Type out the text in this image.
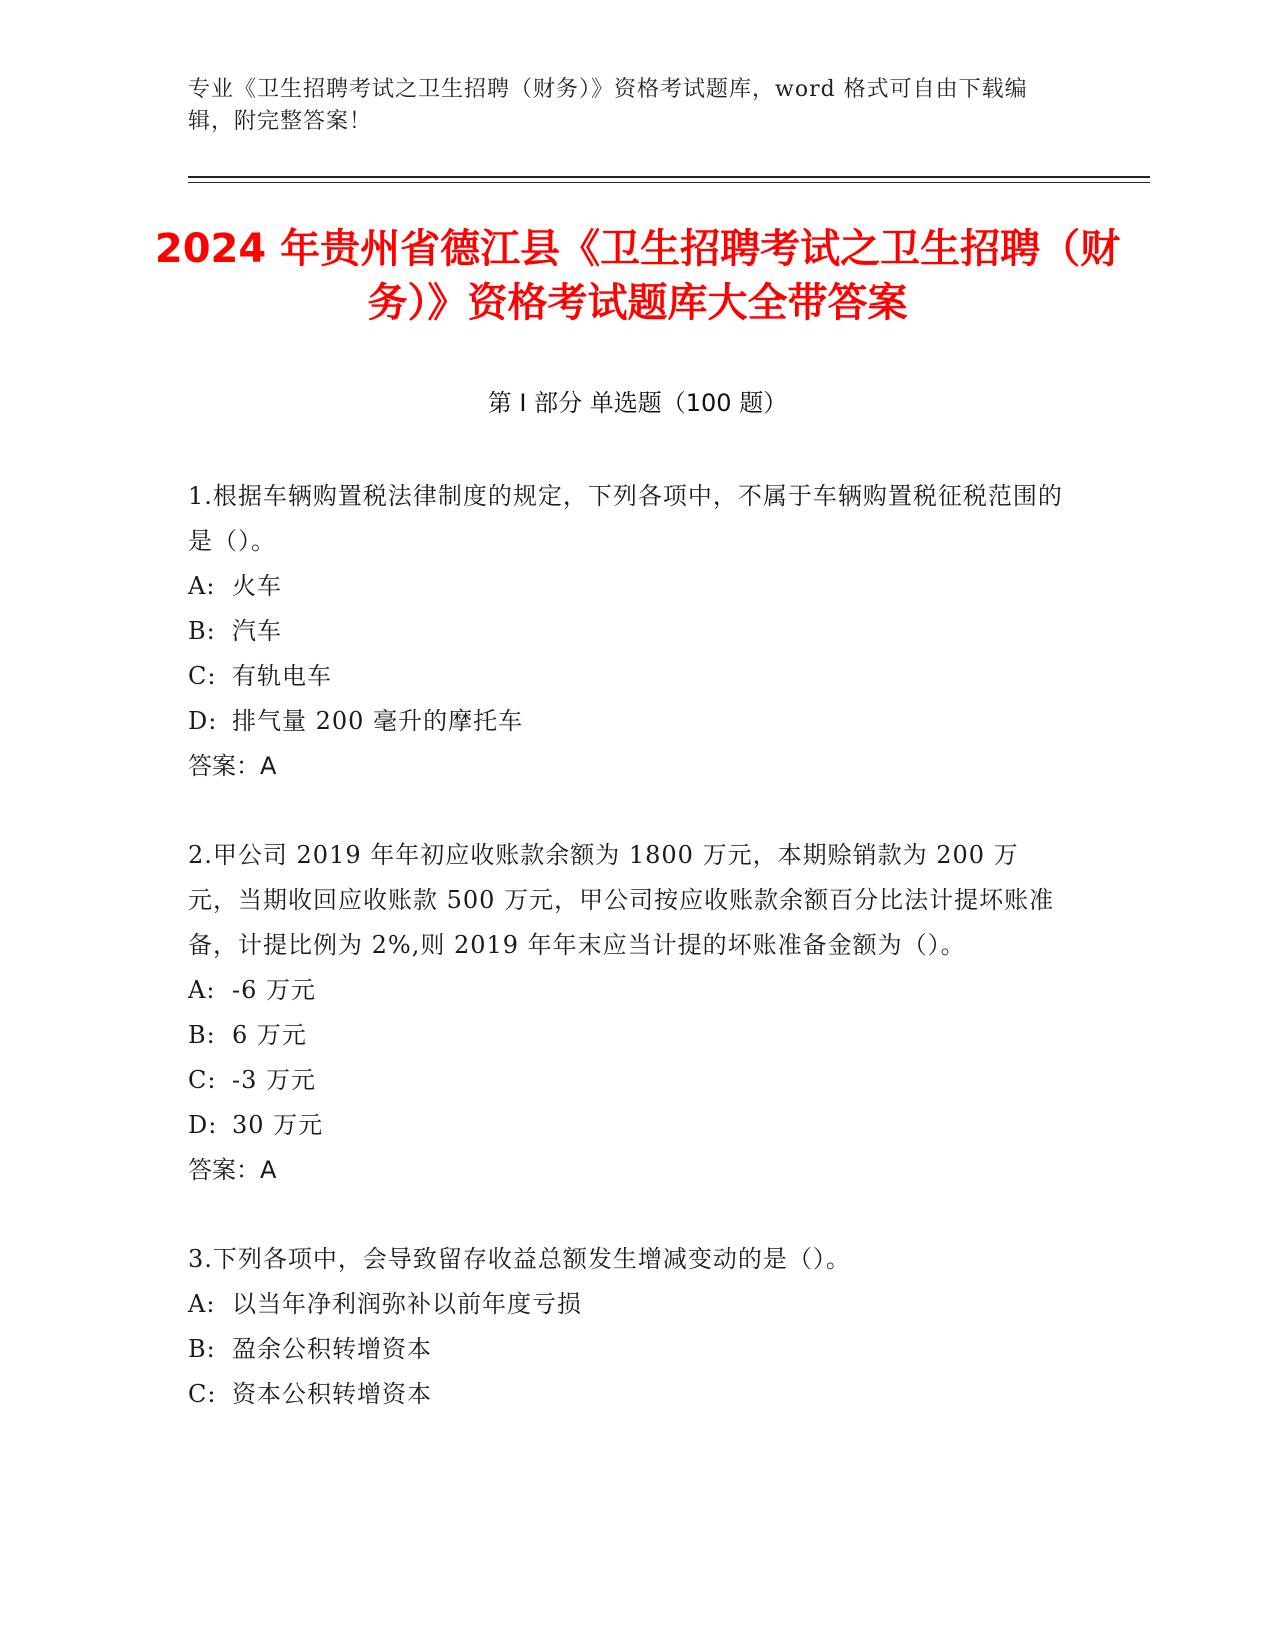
专业《卫生招聘考试之卫生招聘（财务）》资格考试题库，word 格式可自由下载编辑，附完整答案！
2024 年贵州省德江县《卫生招聘考试之卫生招聘（财务）》资格考试题库大全带答案
第 I 部分 单选题（100 题）
1.根据车辆购置税法律制度的规定，下列各项中，不属于车辆购置税征税范围的是（）。
A: 火车
B: 汽车
C: 有轨电车
D: 排气量 200 毫升的摩托车
答案：A
2.甲公司 2019 年年初应收账款余额为 1800 万元，本期赊销款为 200 万元，当期收回应收账款 500 万元，甲公司按应收账款余额百分比法计提坏账准备，计提比例为 2%,则 2019 年年末应当计提的坏账准备金额为（）。
A: -6 万元
B: 6 万元
C: -3 万元
D: 30 万元
答案：A
3.下列各项中，会导致留存收益总额发生增减变动的是（）。
A: 以当年净利润弥补以前年度亏损
B: 盈余公积转增资本
C: 资本公积转增资本
